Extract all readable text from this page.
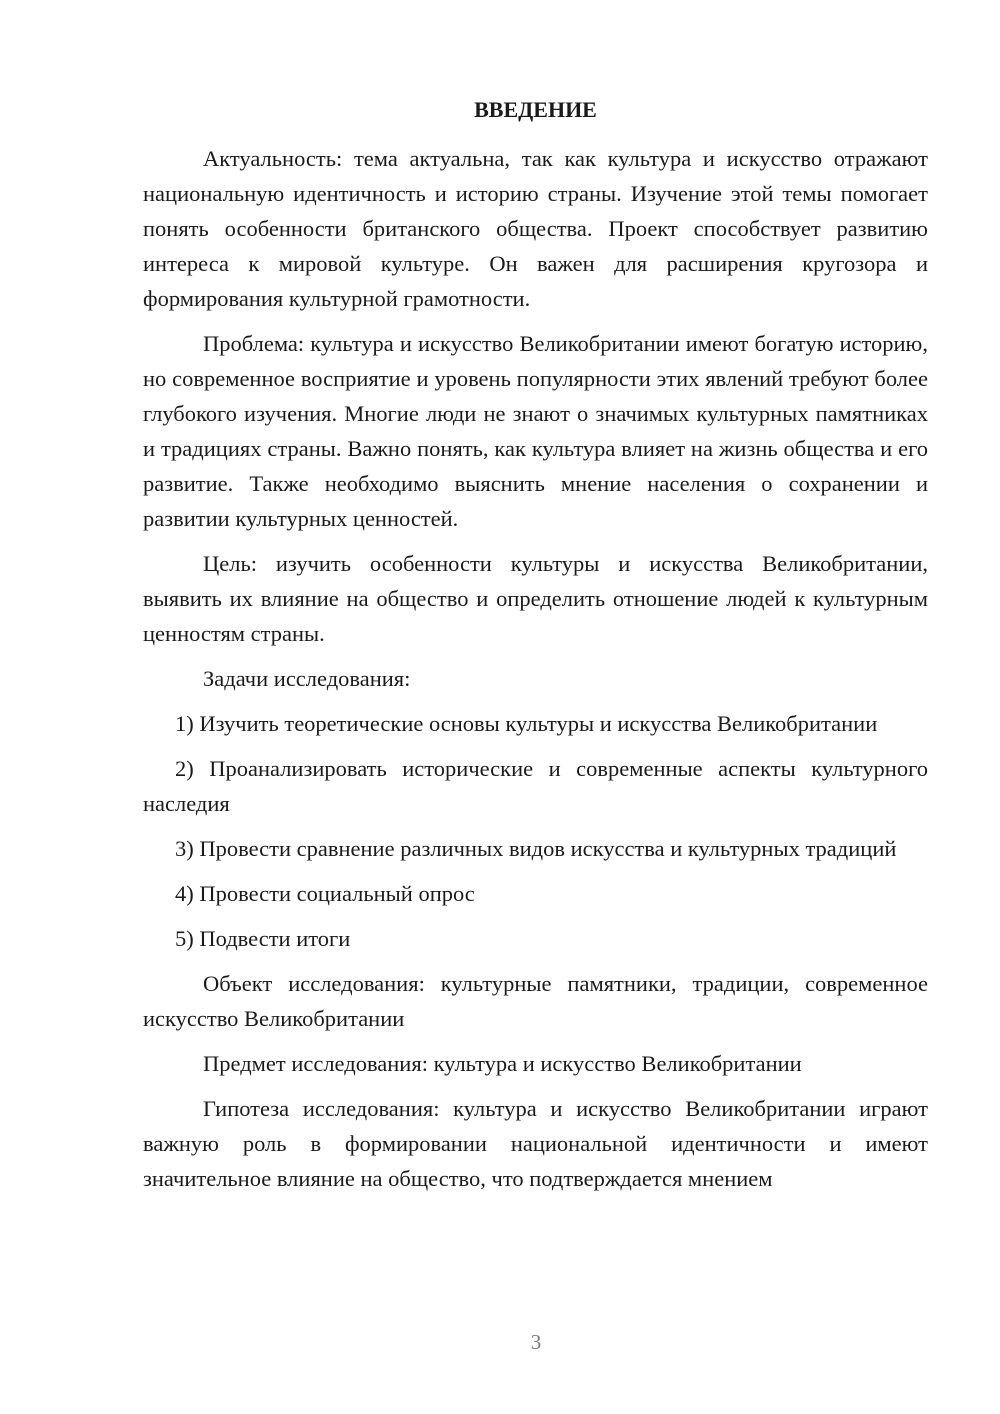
ВВЕДЕНИЕ

Актуальность: тема актуальна, так как культура и искусство отражают национальную идентичность и историю страны. Изучение этой темы помогает понять особенности британского общества. Проект способствует развитию интереса к мировой культуре. Он важен для расширения кругозора и формирования культурной грамотности.

Проблема: культура и искусство Великобритании имеют богатую историю, но современное восприятие и уровень популярности этих явлений требуют более глубокого изучения. Многие люди не знают о значимых культурных памятниках и традициях страны. Важно понять, как культура влияет на жизнь общества и его развитие. Также необходимо выяснить мнение населения о сохранении и развитии культурных ценностей.

Цель: изучить особенности культуры и искусства Великобритании, выявить их влияние на общество и определить отношение людей к культурным ценностям страны.

Задачи исследования:

1) Изучить теоретические основы культуры и искусства Великобритании

2) Проанализировать исторические и современные аспекты культурного наследия

3) Провести сравнение различных видов искусства и культурных традиций

4) Провести социальный опрос

5) Подвести итоги

Объект исследования: культурные памятники, традиции, современное искусство Великобритании

Предмет исследования: культура и искусство Великобритании

Гипотеза исследования: культура и искусство Великобритании играют важную роль в формировании национальной идентичности и имеют значительное влияние на общество, что подтверждается мнением

3
